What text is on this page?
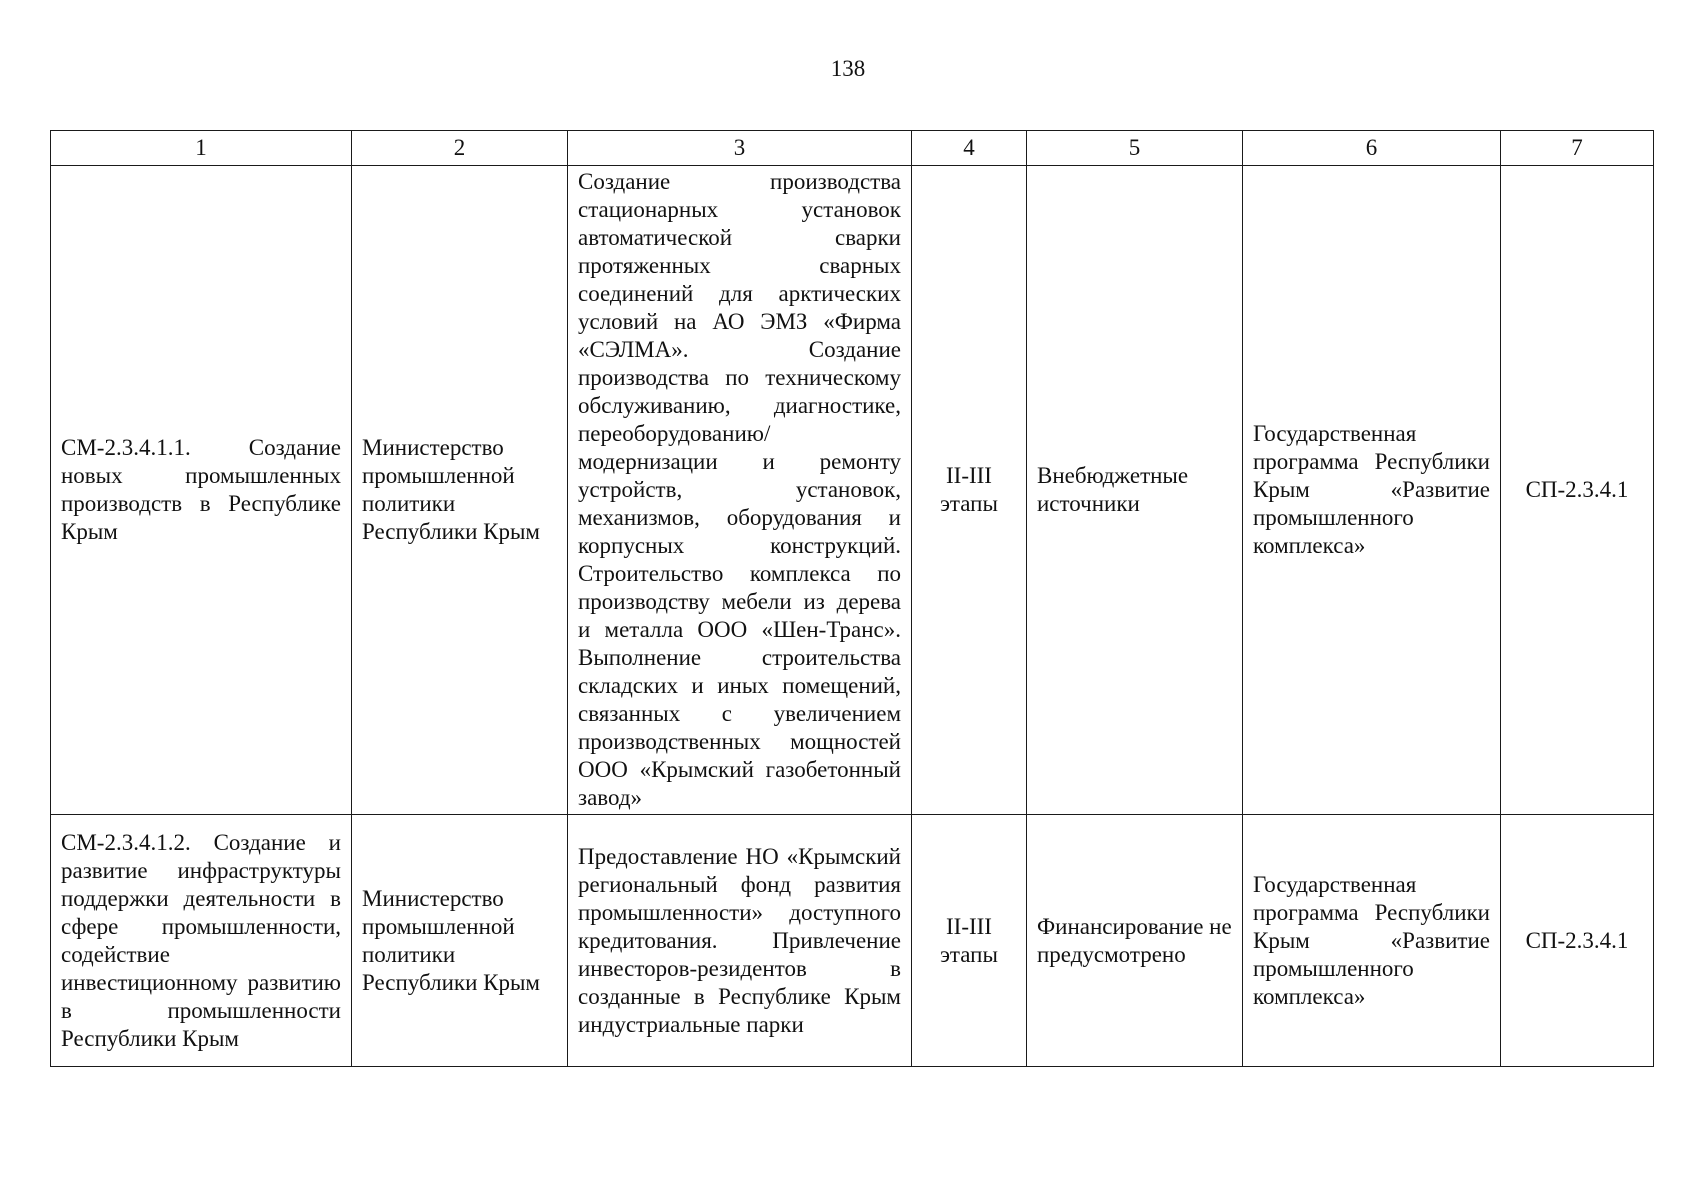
138
1	2	3	4	5	6	7
СМ-2.3.4.1.1. Создание новых промышленных производств в Республике Крым	Министерство промышленной политики Республики Крым	Создание производства стационарных установок автоматической сварки протяженных сварных соединений для арктических условий на АО ЭМЗ «Фирма «СЭЛМА». Создание производства по техническому обслуживанию, диагностике, переоборудованию/ модернизации и ремонту устройств, установок, механизмов, оборудования и корпусных конструкций. Строительство комплекса по производству мебели из дерева и металла ООО «Шен-Транс». Выполнение строительства складских и иных помещений, связанных с увеличением производственных мощностей ООО «Крымский газобетонный завод»	II-III этапы	Внебюджетные источники	Государственная программа Республики Крым «Развитие промышленного комплекса»	СП-2.3.4.1
СМ-2.3.4.1.2. Создание и развитие инфраструктуры поддержки деятельности в сфере промышленности, содействие инвестиционному развитию в промышленности Республики Крым	Министерство промышленной политики Республики Крым	Предоставление НО «Крымский региональный фонд развития промышленности» доступного кредитования. Привлечение инвесторов-резидентов в созданные в Республике Крым индустриальные парки	II-III этапы	Финансирование не предусмотрено	Государственная программа Республики Крым «Развитие промышленного комплекса»	СП-2.3.4.1
